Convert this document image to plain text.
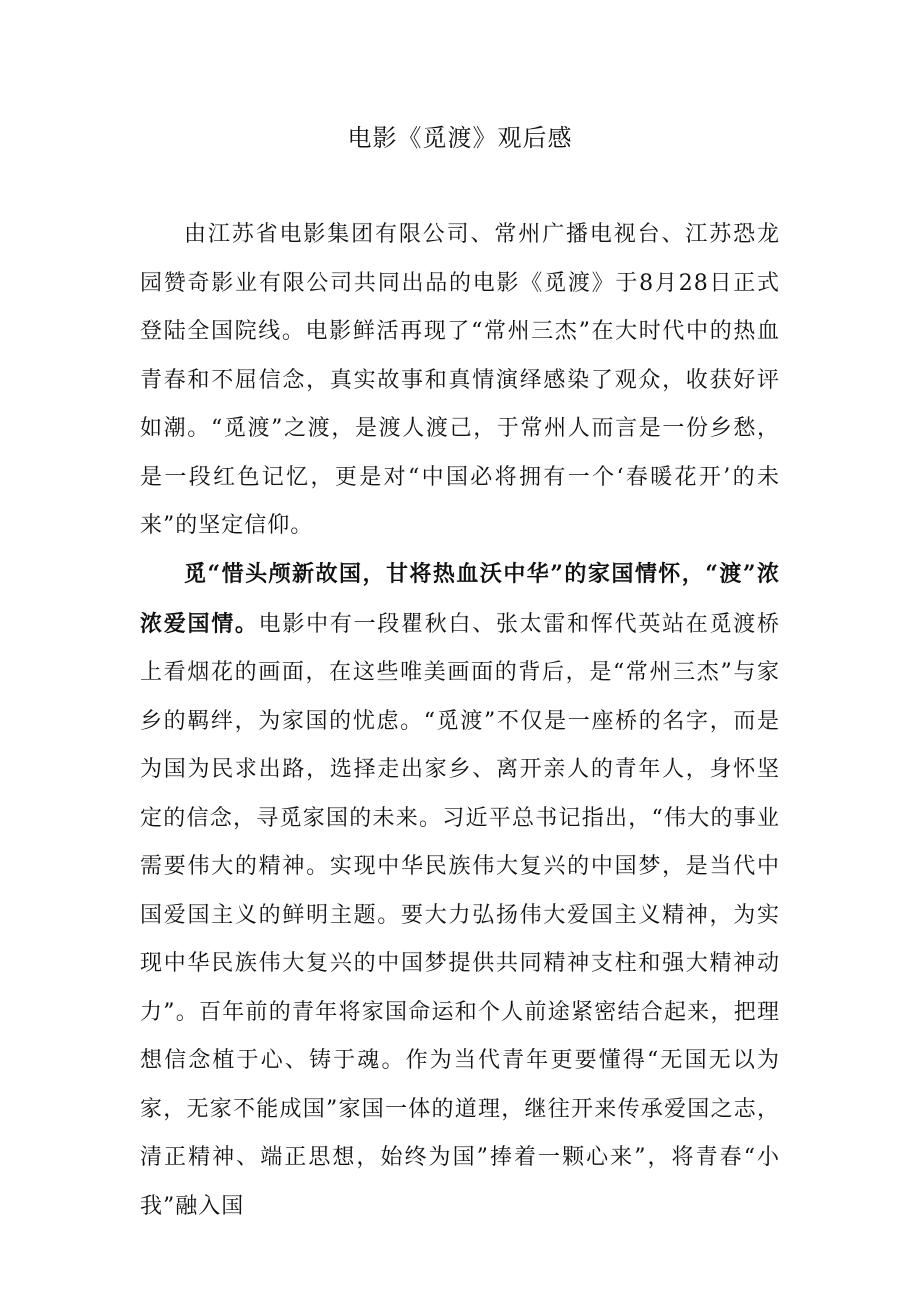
电影《觅渡》观后感

由江苏省电影集团有限公司、常州广播电视台、江苏恐龙园赞奇影业有限公司共同出品的电影《觅渡》于8月28日正式登陆全国院线。电影鲜活再现了“常州三杰”在大时代中的热血青春和不屈信念，真实故事和真情演绎感染了观众，收获好评如潮。“觅渡”之渡，是渡人渡己，于常州人而言是一份乡愁，是一段红色记忆，更是对“中国必将拥有一个‘春暖花开’的未来”的坚定信仰。

觅“惜头颅新故国，甘将热血沃中华”的家国情怀，“渡”浓浓爱国情。电影中有一段瞿秋白、张太雷和恽代英站在觅渡桥上看烟花的画面，在这些唯美画面的背后，是“常州三杰”与家乡的羁绊，为家国的忧虑。“觅渡”不仅是一座桥的名字，而是为国为民求出路，选择走出家乡、离开亲人的青年人，身怀坚定的信念，寻觅家国的未来。习近平总书记指出，“伟大的事业需要伟大的精神。实现中华民族伟大复兴的中国梦，是当代中国爱国主义的鲜明主题。要大力弘扬伟大爱国主义精神，为实现中华民族伟大复兴的中国梦提供共同精神支柱和强大精神动力”。百年前的青年将家国命运和个人前途紧密结合起来，把理想信念植于心、铸于魂。作为当代青年更要懂得“无国无以为家，无家不能成国”家国一体的道理，继往开来传承爱国之志，清正精神、端正思想，始终为国”捧着一颗心来”，将青春“小我”融入国
